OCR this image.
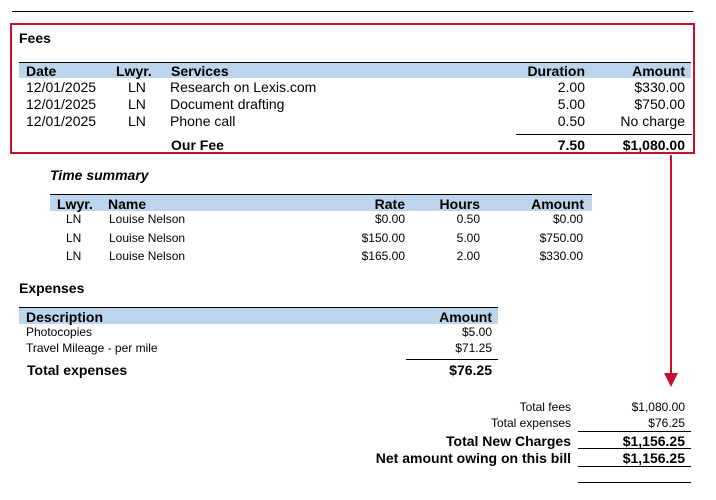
Fees
Date	Lwyr. Services	Duration	Amount
12/01/2025 LN Research on Lexis.com	2.00	$330.00
12/01/2025 LN Document drafting	5.00	$750.00
12/01/2025 LN Phone call	0.50	No charge
Our Fee	7.50	$1,080.00
Time summary
Lwyr. Name	Rate	Hours	Amount
LN Louise Nelson	$0.00	0.50	$0.00
LN Louise Nelson	$150.00	5.00	$750.00
LN Louise Nelson	$165.00	2.00	$330.00
Expenses
Description	Amount
Photocopies	$5.00
Travel Mileage - per mile	$71.25
Total expenses	$76.25
Total fees	$1,080.00
Total expenses	$76.25
Total New Charges	$1,156.25
Net amount owing on this bill	$1,156.25
